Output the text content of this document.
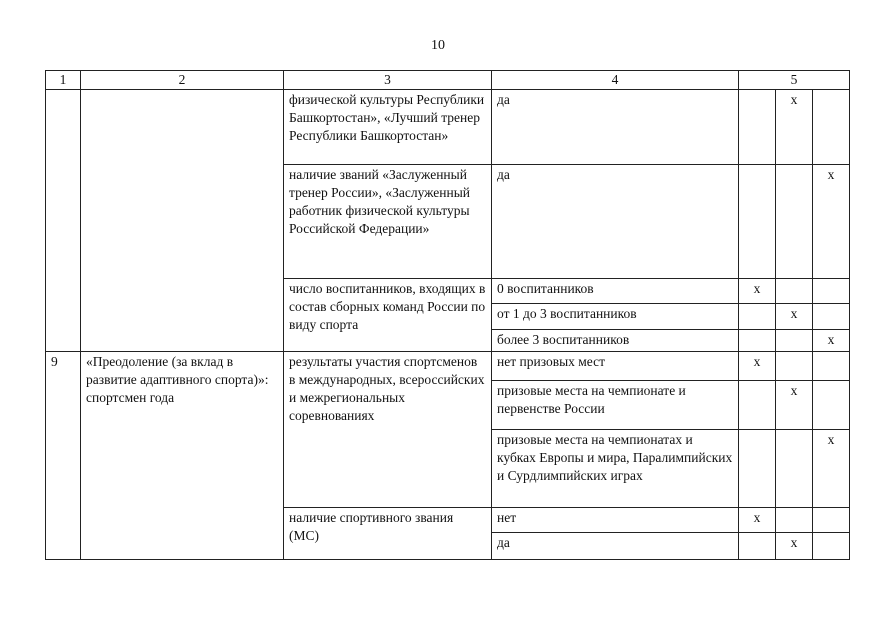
10
1	2	3	4	5		
		физической культуры Республики Башкортостан», «Лучший тренер Республики Башкортостан»	да		х	
		наличие званий «Заслуженный тренер России», «Заслуженный работник физической культуры Российской Федерации»	да			х
		число воспитанников, входящих в состав сборных команд России по виду спорта	0 воспитанников	х		
			от 1 до 3 воспитанников		х	
			более 3 воспитанников			х
9	«Преодоление (за вклад в развитие адаптивного спорта)»: спортсмен года	результаты участия спортсменов в международных, всероссийских и межрегиональных соревнованиях	нет призовых мест	х		
			призовые места на чемпионате и первенстве России		х	
			призовые места на чемпионатах и кубках Европы и мира, Паралимпийских и Сурдлимпийских играх			х
		наличие спортивного звания (МС)	нет	х		
			да		х	
